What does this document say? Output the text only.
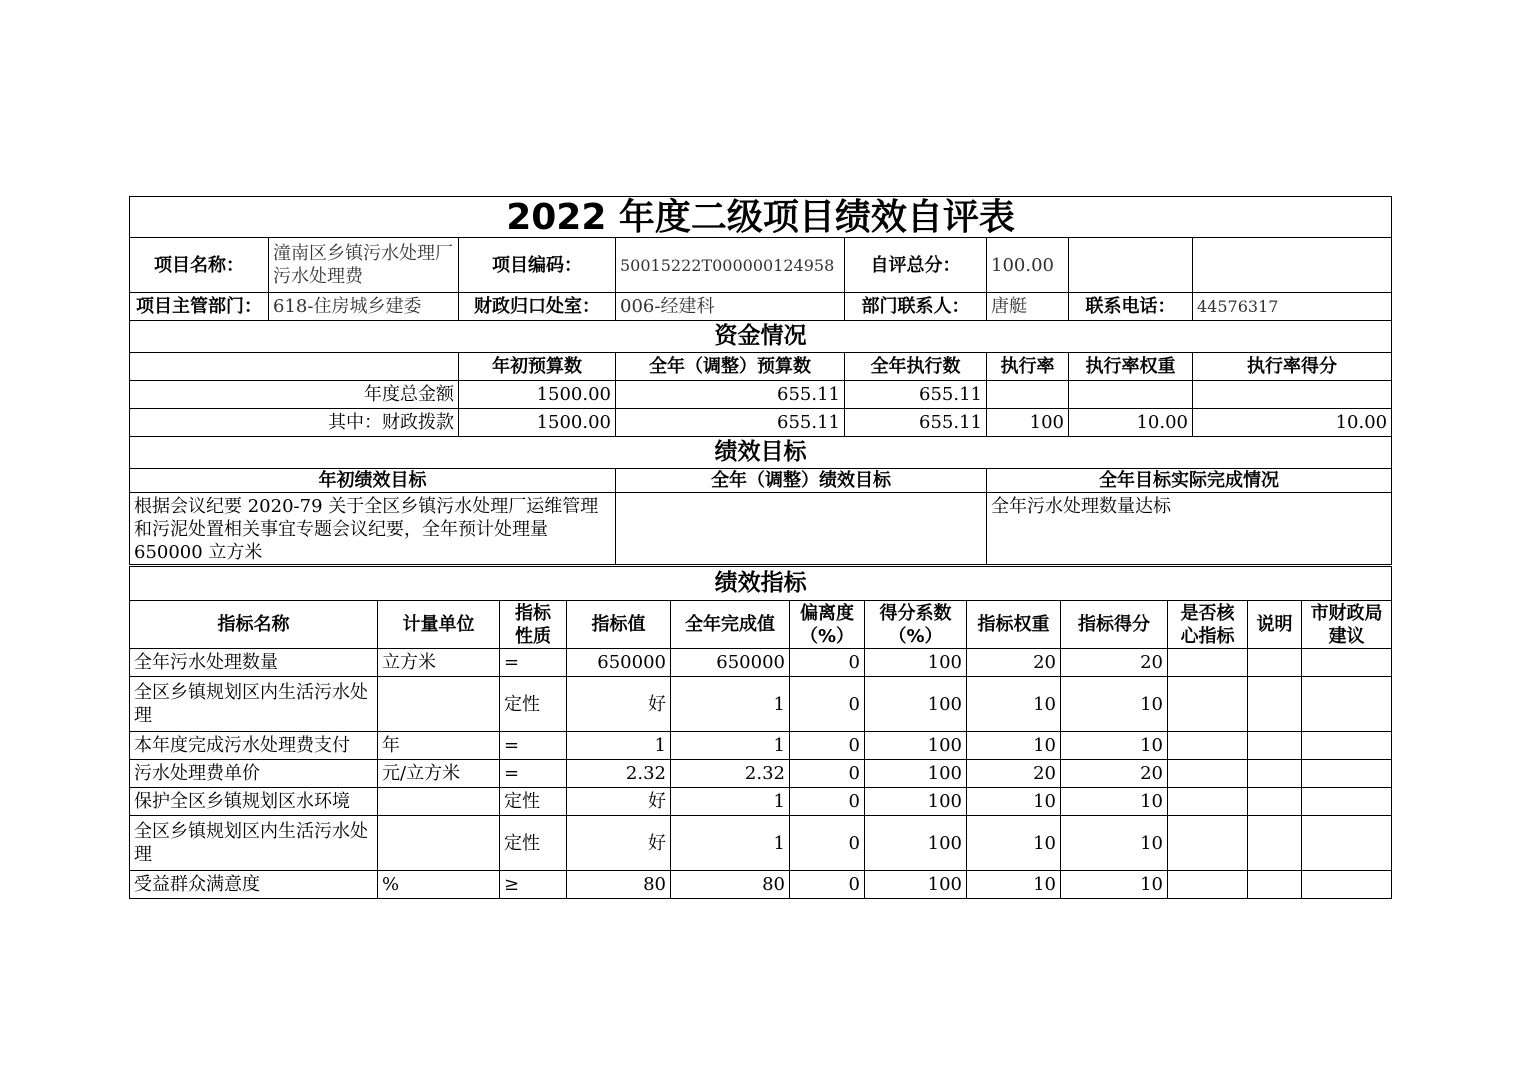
2022 年度二级项目绩效自评表							
项目名称：	潼南区乡镇污水处理厂污水处理费	项目编码：	50015222T000000124958	自评总分：	100.00		
项目主管部门：	618-住房城乡建委	财政归口处室：	006-经建科	部门联系人：	唐艇	联系电话：	44576317
资金情况							
		年初预算数	全年（调整）预算数	全年执行数	执行率	执行率权重	执行率得分
年度总金额		1500.00	655.11	655.11			
其中：财政拨款		1500.00	655.11	655.11	100	10.00	10.00
绩效目标							
年初绩效目标			全年（调整）绩效目标		全年目标实际完成情况		
根据会议纪要 2020-79 关于全区乡镇污水处理厂运维管理和污泥处置相关事宜专题会议纪要，全年预计处理量 650000 立方米					全年污水处理数量达标		
绩效指标											
指标名称	计量单位	指标性质	指标值	全年完成值	偏离度（%）	得分系数（%）	指标权重	指标得分	是否核心指标	说明	市财政局建议
全年污水处理数量	立方米	=	650000	650000	0	100	20	20			
全区乡镇规划区内生活污水处理		定性	好	1	0	100	10	10			
本年度完成污水处理费支付	年	=	1	1	0	100	10	10			
污水处理费单价	元/立方米	=	2.32	2.32	0	100	20	20			
保护全区乡镇规划区水环境		定性	好	1	0	100	10	10			
全区乡镇规划区内生活污水处理		定性	好	1	0	100	10	10			
受益群众满意度	%	≥	80	80	0	100	10	10			
